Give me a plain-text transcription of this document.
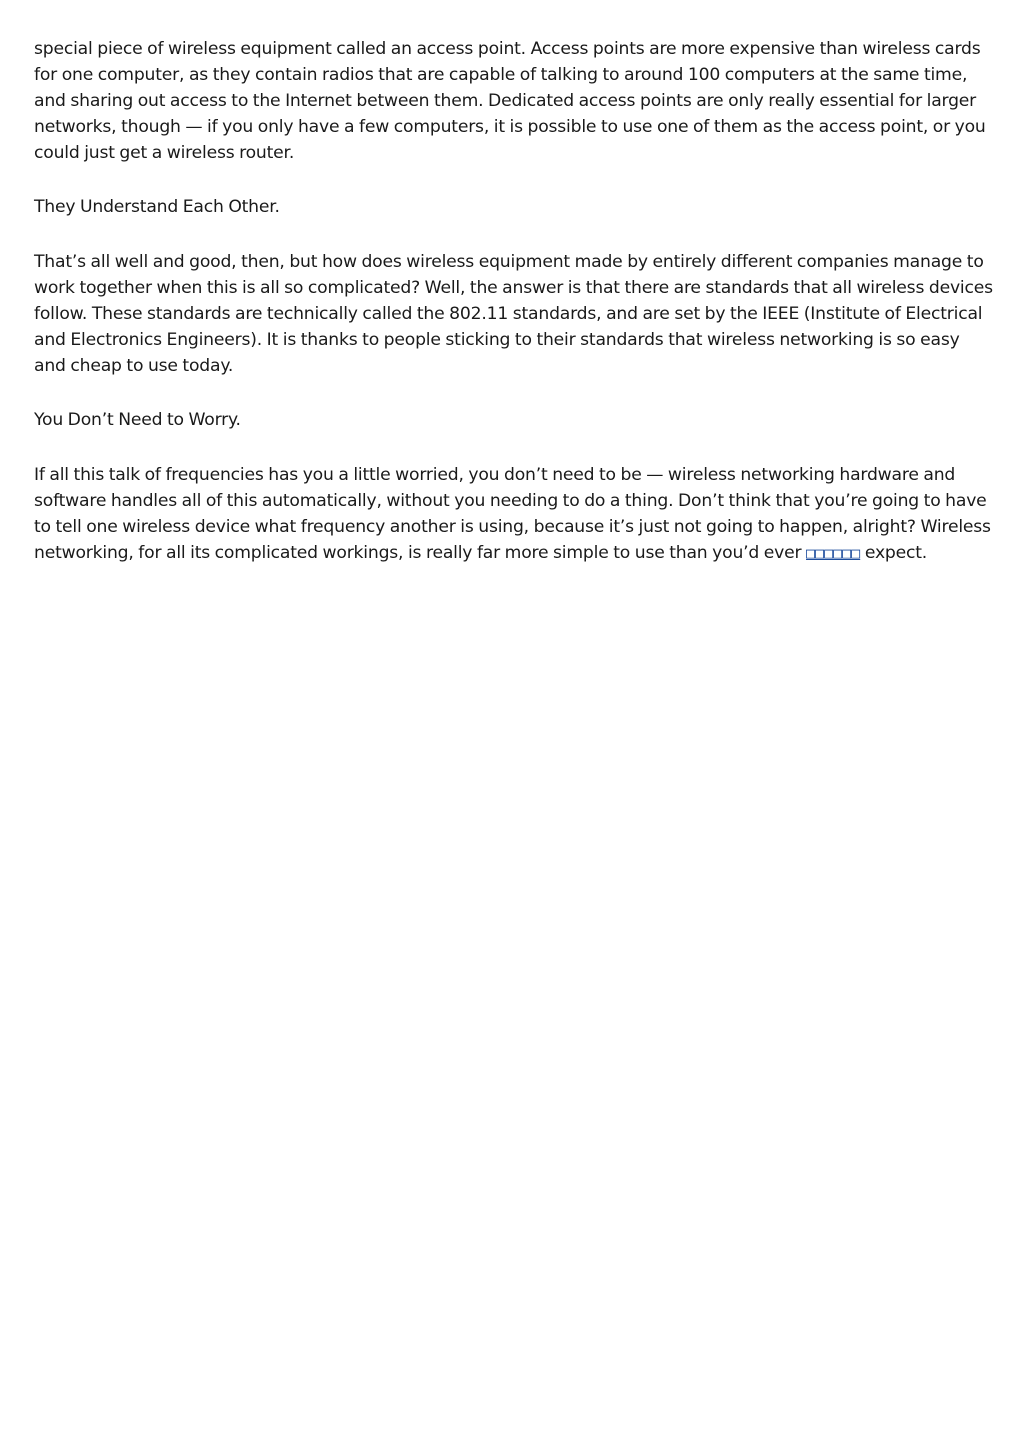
special piece of wireless equipment called an access point. Access points are more expensive than wireless cards for one computer, as they contain radios that are capable of talking to around 100 computers at the same time, and sharing out access to the Internet between them. Dedicated access points are only really essential for larger networks, though — if you only have a few computers, it is possible to use one of them as the access point, or you could just get a wireless router.

They Understand Each Other.

That’s all well and good, then, but how does wireless equipment made by entirely different companies manage to work together when this is all so complicated? Well, the answer is that there are standards that all wireless devices follow. These standards are technically called the 802.11 standards, and are set by the IEEE (Institute of Electrical and Electronics Engineers). It is thanks to people sticking to their standards that wireless networking is so easy and cheap to use today.

You Don’t Need to Worry.

If all this talk of frequencies has you a little worried, you don’t need to be — wireless networking hardware and software handles all of this automatically, without you needing to do a thing. Don’t think that you’re going to have to tell one wireless device what frequency another is using, because it’s just not going to happen, alright? Wireless networking, for all its complicated workings, is really far more simple to use than you’d ever □□□□□□ expect.
